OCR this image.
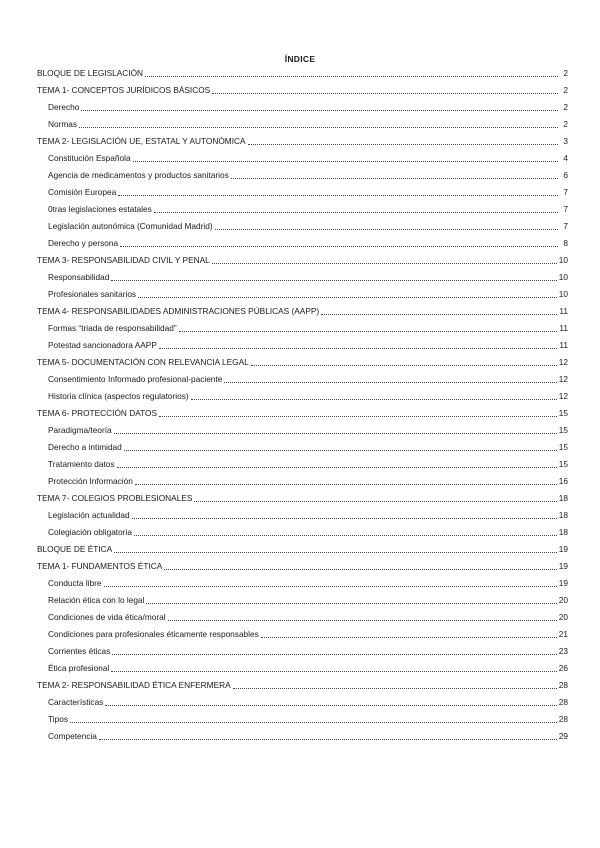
ÍNDICE
BLOQUE DE LEGISLACIÓN	2
TEMA 1- CONCEPTOS JURÍDICOS BÁSICOS	2
Derecho	2
Normas	2
TEMA 2- LEGISLACIÓN UE, ESTATAL Y AUTONÓMICA	3
Constitución Española	4
Agencia de medicamentos y productos sanitarios	6
Comisión Europea	7
0tras legislaciones estatales	7
Legislación autonómica (Comunidad Madrid)	7
Derecho y persona	8
TEMA 3- RESPONSABILIDAD CIVIL Y PENAL	10
Responsabilidad	10
Profesionales sanitarios	10
TEMA 4- RESPONSABILIDADES ADMINISTRACIONES PÚBLICAS (AAPP)	11
Formas “triada de responsabilidad”	11
Potestad sancionadora AAPP	11
TEMA 5- DOCUMENTACIÓN CON RELEVANCIA LEGAL	12
Consentimiento Informado profesional-paciente	12
Historia clínica (aspectos regulatorios)	12
TEMA 6- PROTECCIÓN DATOS	15
Paradigma/teoría	15
Derecho a intimidad	15
Tratamiento datos	15
Protección Información	16
TEMA 7- COLEGIOS PROBLESIONALES	18
Legislación actualidad	18
Colegiación obligatoria	18
BLOQUE DE ÉTICA	19
TEMA 1- FUNDAMENTOS ÉTICA	19
Conducta libre	19
Relación ética con lo legal	20
Condiciones de vida ética/moral	20
Condiciones para profesionales éticamente responsables	21
Corrientes éticas	23
Ética profesional	26
TEMA 2- RESPONSABILIDAD ÉTICA ENFERMERA	28
Características	28
Tipos	28
Competencia	29
